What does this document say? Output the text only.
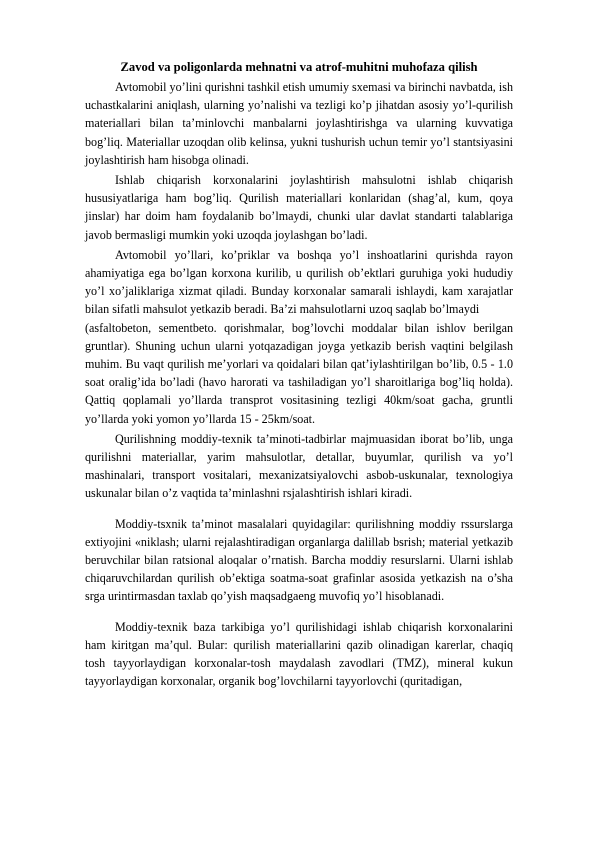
Zavod va poligonlarda mehnatni va atrof-muhitni muhofaza qilish

Avtomobil yo’lini qurishni tashkil etish umumiy sxemasi va birinchi navbatda, ish uchastkalarini aniqlash, ularning yo’nalishi va tezligi ko’p jihatdan asosiy yo’l-qurilish materiallari bilan ta’minlovchi manbalarni joylashtirishga va ularning kuvvatiga bog’liq. Materiallar uzoqdan olib kelinsa, yukni tushurish uchun temir yo’l stantsiyasini joylashtirish ham hisobga olinadi.

Ishlab chiqarish korxonalarini joylashtirish mahsulotni ishlab chiqarish hususiyatlariga ham bog’liq. Qurilish materiallari konlaridan (shag’al, kum, qoya jinslar) har doim ham foydalanib bo’lmaydi, chunki ular davlat standarti talablariga javob bermasligi mumkin yoki uzoqda joylashgan bo’ladi.

Avtomobil yo’llari, ko’priklar va boshqa yo’l inshoatlarini qurishda rayon ahamiyatiga ega bo’lgan korxona kurilib, u qurilish ob’ektlari guruhiga yoki hududiy yo’l xo’jaliklariga xizmat qiladi. Bunday korxonalar samarali ishlaydi, kam xarajatlar bilan sifatli mahsulot yetkazib beradi. Ba’zi mahsulotlarni uzoq saqlab bo’lmaydi

(asfaltobeton, sementbeto. qorishmalar, bog’lovchi moddalar bilan ishlov berilgan gruntlar). Shuning uchun ularni yotqazadigan joyga yetkazib berish vaqtini belgilash muhim. Bu vaqt qurilish me’yorlari va qoidalari bilan qat’iylashtirilgan bo’lib, 0.5 - 1.0 soat oralig’ida bo’ladi (havo harorati va tashiladigan yo’l sharoitlariga bog’liq holda). Qattiq qoplamali yo’llarda transprot vositasining tezligi 40km/soat gacha, gruntli yo’llarda yoki yomon yo’llarda 15 - 25km/soat.

Qurilishning moddiy-texnik ta’minoti-tadbirlar majmuasidan iborat bo’lib, unga qurilishni materiallar, yarim mahsulotlar, detallar, buyumlar, qurilish va yo’l mashinalari, transport vositalari, mexanizatsiyalovchi asbob-uskunalar, texnologiya uskunalar bilan o’z vaqtida ta’minlashni rsjalashtirish ishlari kiradi.

Moddiy-tsxnik ta’minot masalalari quyidagilar: qurilishning moddiy rssurslarga extiyojini «niklash; ularni rejalashtiradigan organlarga dalillab bsrish; material yetkazib beruvchilar bilan ratsional aloqalar o’rnatish. Barcha moddiy resurslarni. Ularni ishlab chiqaruvchilardan qurilish ob’ektiga soatma-soat grafinlar asosida yetkazish na o’sha srga urintirmasdan taxlab qo’yish maqsadgaeng muvofiq yo’l hisoblanadi.

Moddiy-texnik baza tarkibiga yo’l qurilishidagi ishlab chiqarish korxonalarini ham kiritgan ma’qul. Bular: qurilish materiallarini qazib olinadigan karerlar, chaqiq tosh tayyorlaydigan korxonalar-tosh maydalash zavodlari (TMZ), mineral kukun tayyorlaydigan korxonalar, organik bog’lovchilarni tayyorlovchi (quritadigan,
